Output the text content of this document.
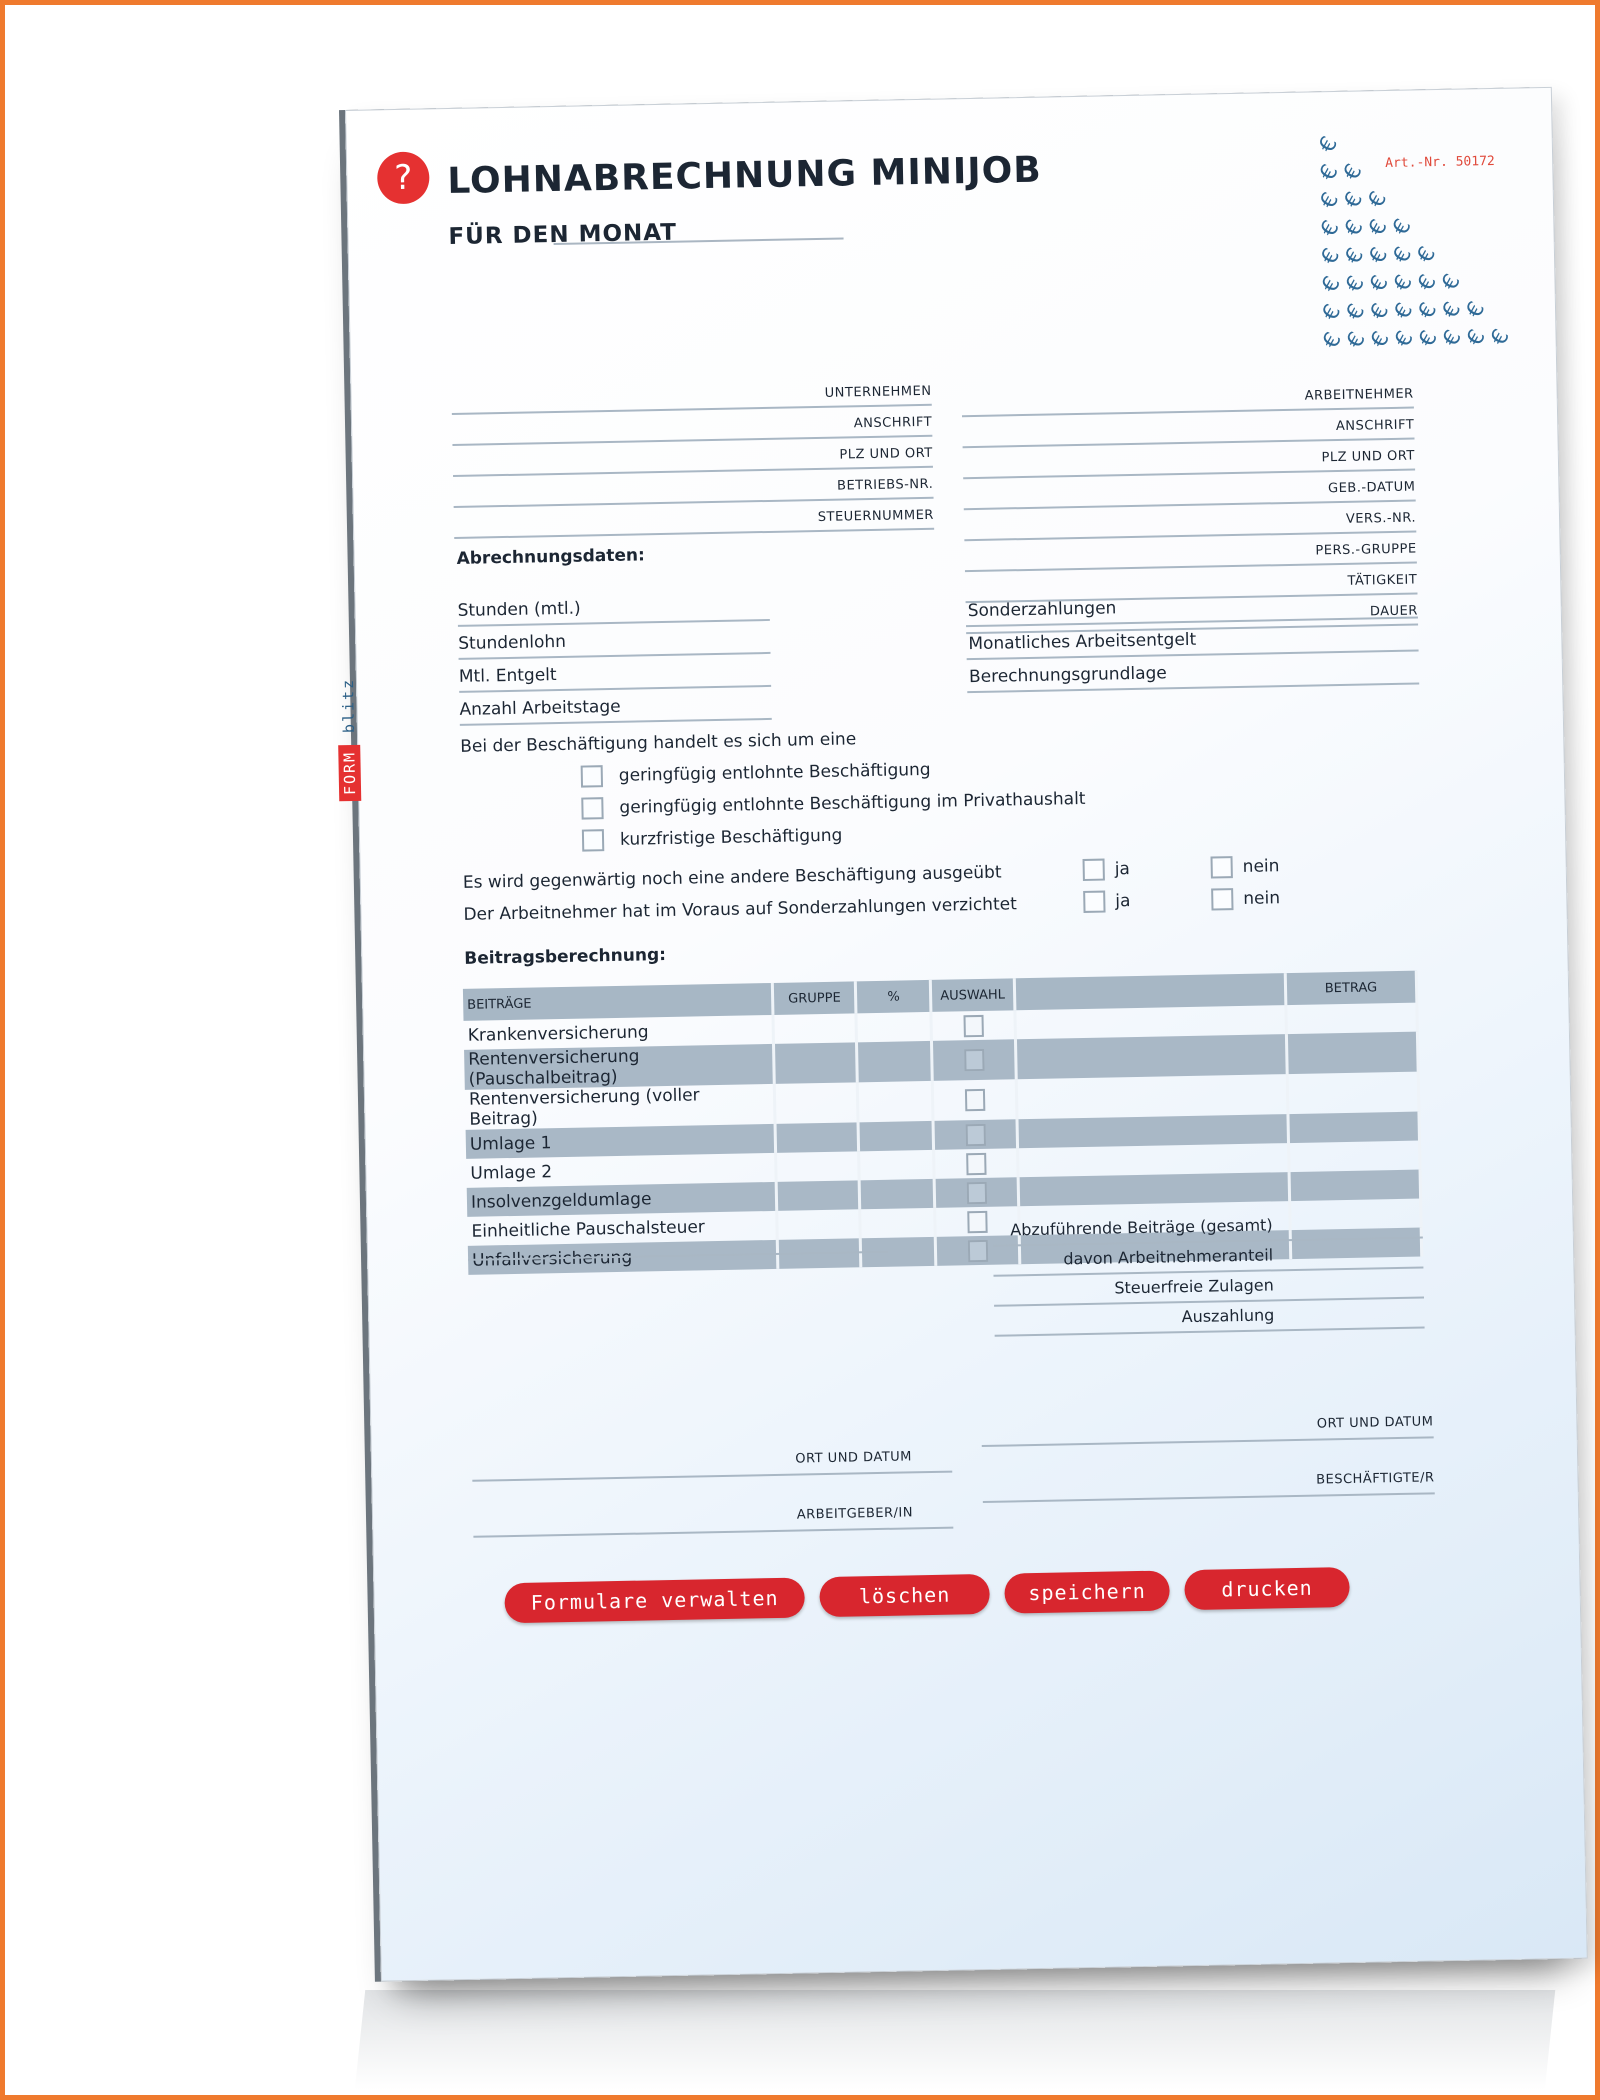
? LOHNABRECHNUNG MINIJOB
FÜR DEN MONAT
Art.-Nr. 50172
€
€
€
€
€
€
€
€
€
€
€
€
€
€
€
€
€
€
€
€
€
€
€
€
€
€
€
€
€
€
€
€
€
€
€
€
FORM
blitz
UNTERNEHMEN
ANSCHRIFT
PLZ UND ORT
BETRIEBS-NR.
STEUERNUMMER
ARBEITNEHMER
ANSCHRIFT
PLZ UND ORT
GEB.-DATUM
VERS.-NR.
PERS.-GRUPPE
TÄTIGKEIT
DAUER
Abrechnungsdaten:
Stunden (mtl.)
Stundenlohn
Mtl. Entgelt
Anzahl Arbeitstage
Sonderzahlungen
Monatliches Arbeitsentgelt
Berechnungsgrundlage
Bei der Beschäftigung handelt es sich um eine
geringfügig entlohnte Beschäftigung
geringfügig entlohnte Beschäftigung im Privathaushalt
kurzfristige Beschäftigung
Es wird gegenwärtig noch eine andere Beschäftigung ausgeübt	ja	nein
Der Arbeitnehmer hat im Voraus auf Sonderzahlungen verzichtet	ja	nein
Beitragsberechnung:
BEITRÄGE	GRUPPE	%	AUSWAHL		BETRAG
Krankenversicherung					
Rentenversicherung (Pauschalbeitrag)					
Rentenversicherung (voller Beitrag)					
Umlage 1					
Umlage 2					
Insolvenzgeldumlage					
Einheitliche Pauschalsteuer					
Unfallversicherung					
Abzuführende Beiträge (gesamt)
davon Arbeitnehmeranteil
Steuerfreie Zulagen
Auszahlung
ORT UND DATUM
ARBEITGEBER/IN
ORT UND DATUM
BESCHÄFTIGTE/R
Formulare verwalten	löschen	speichern	drucken
